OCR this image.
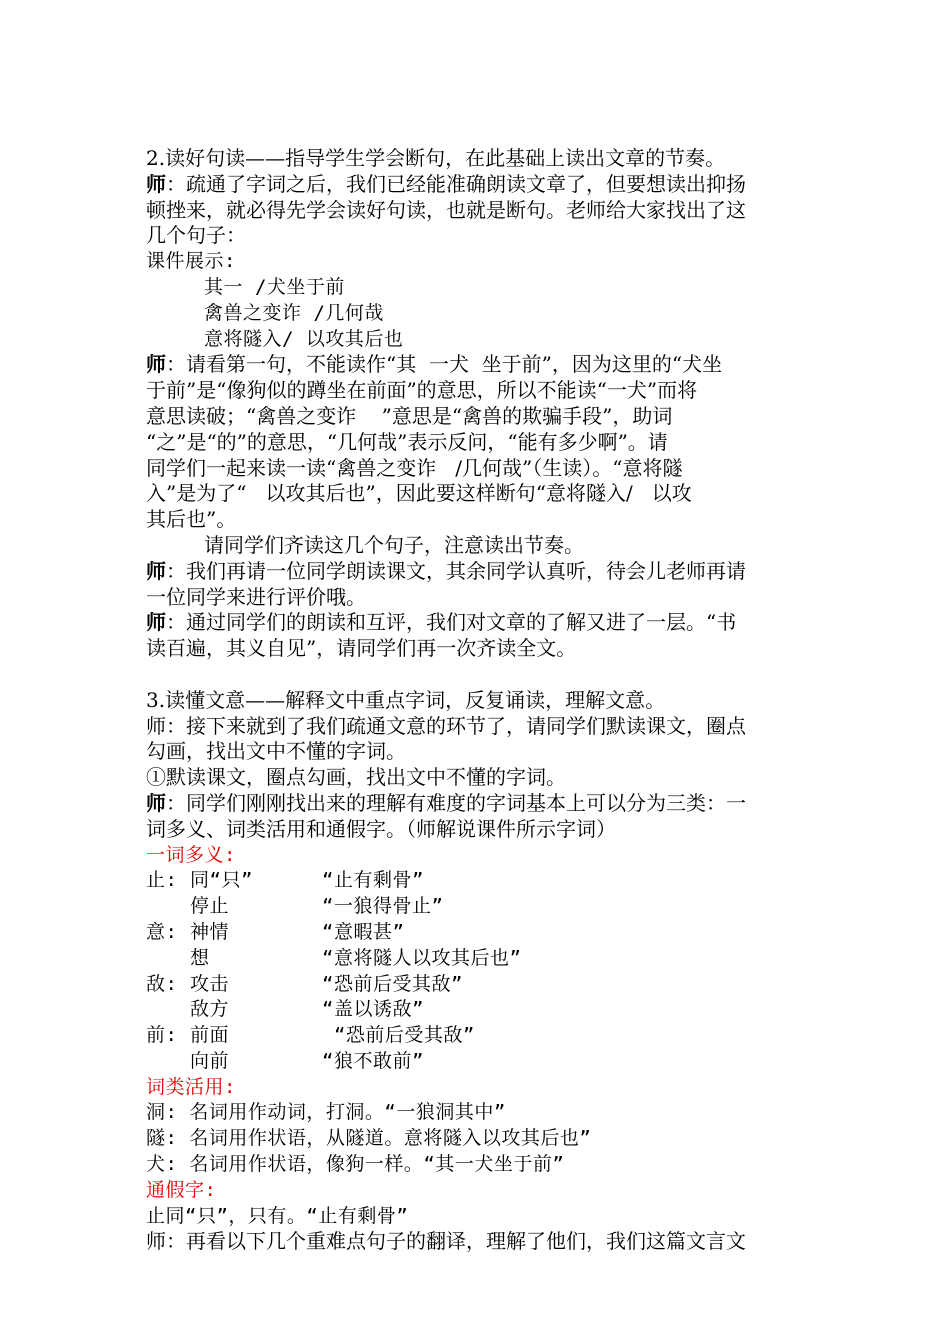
2.读好句读——指导学生学会断句，在此基础上读出文章的节奏。
师：疏通了字词之后，我们已经能准确朗读文章了，但要想读出抑扬
顿挫来，就必得先学会读好句读，也就是断句。老师给大家找出了这
几个句子：
课件展示:
其一 /犬坐于前
禽兽之变诈 /几何哉
意将隧入/ 以攻其后也
师：请看第一句，不能读作“其  一犬  坐于前”，因为这里的“犬坐
于前”是“像狗似的蹲坐在前面”的意思，所以不能读“一犬”而将
意思读破；“禽兽之变诈    ”意思是“禽兽的欺骗手段”，助词
“之”是“的”的意思，“几何哉”表示反问，“能有多少啊”。请
同学们一起来读一读“禽兽之变诈   /几何哉”（生读）。“意将隧
入”是为了“   以攻其后也”，因此要这样断句“意将隧入/   以攻
其后也”。
请同学们齐读这几个句子，注意读出节奏。
师：我们再请一位同学朗读课文，其余同学认真听，待会儿老师再请
一位同学来进行评价哦。
师：通过同学们的朗读和互评，我们对文章的了解又进了一层。“书
读百遍，其义自见”，请同学们再一次齐读全文。
3.读懂文意——解释文中重点字词，反复诵读，理解文意。
师：接下来就到了我们疏通文意的环节了，请同学们默读课文，圈点
勾画，找出文中不懂的字词。
①默读课文，圈点勾画，找出文中不懂的字词。
师：同学们刚刚找出来的理解有难度的字词基本上可以分为三类：一
词多义、词类活用和通假字。（师解说课件所示字词）
一词多义:
止: 同“只”	“止有剩骨”
停止	“一狼得骨止”
意: 神情	“意暇甚”
想	“意将隧人以攻其后也”
敌: 攻击	“恐前后受其敌”
敌方	“盖以诱敌”
前: 前面	“恐前后受其敌”
向前	“狼不敢前”
词类活用:
洞: 名词用作动词，打洞。“一狼洞其中”
隧: 名词用作状语，从隧道。意将隧入以攻其后也”
犬: 名词用作状语，像狗一样。“其一犬坐于前”
通假字:
止同“只”，只有。“止有剩骨”
师：再看以下几个重难点句子的翻译，理解了他们，我们这篇文言文
